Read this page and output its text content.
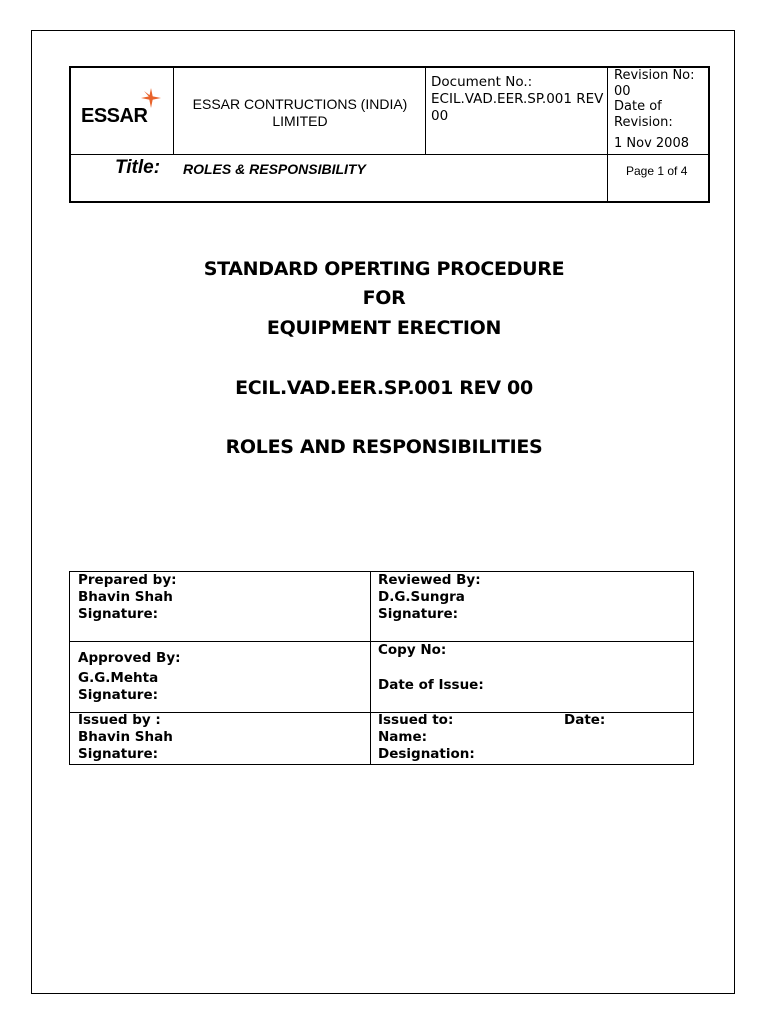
ESSAR
ESSAR CONTRUCTIONS (INDIA) LIMITED
Document No.:
ECIL.VAD.EER.SP.001 REV 00
Revision No:
00
Date of Revision:
1 Nov 2008
Title: ROLES & RESPONSIBILITY	Page 1 of 4
STANDARD OPERTING PROCEDURE
FOR
EQUIPMENT ERECTION
ECIL.VAD.EER.SP.001 REV 00
ROLES AND RESPONSIBILITIES
Prepared by:
Bhavin Shah
Signature:
Reviewed By:
D.G.Sungra
Signature:
Approved By:
G.G.Mehta
Signature:
Copy No:
Date of Issue:
Issued by :
Bhavin Shah
Signature:
Issued to:
Name:
Designation:
Date:
